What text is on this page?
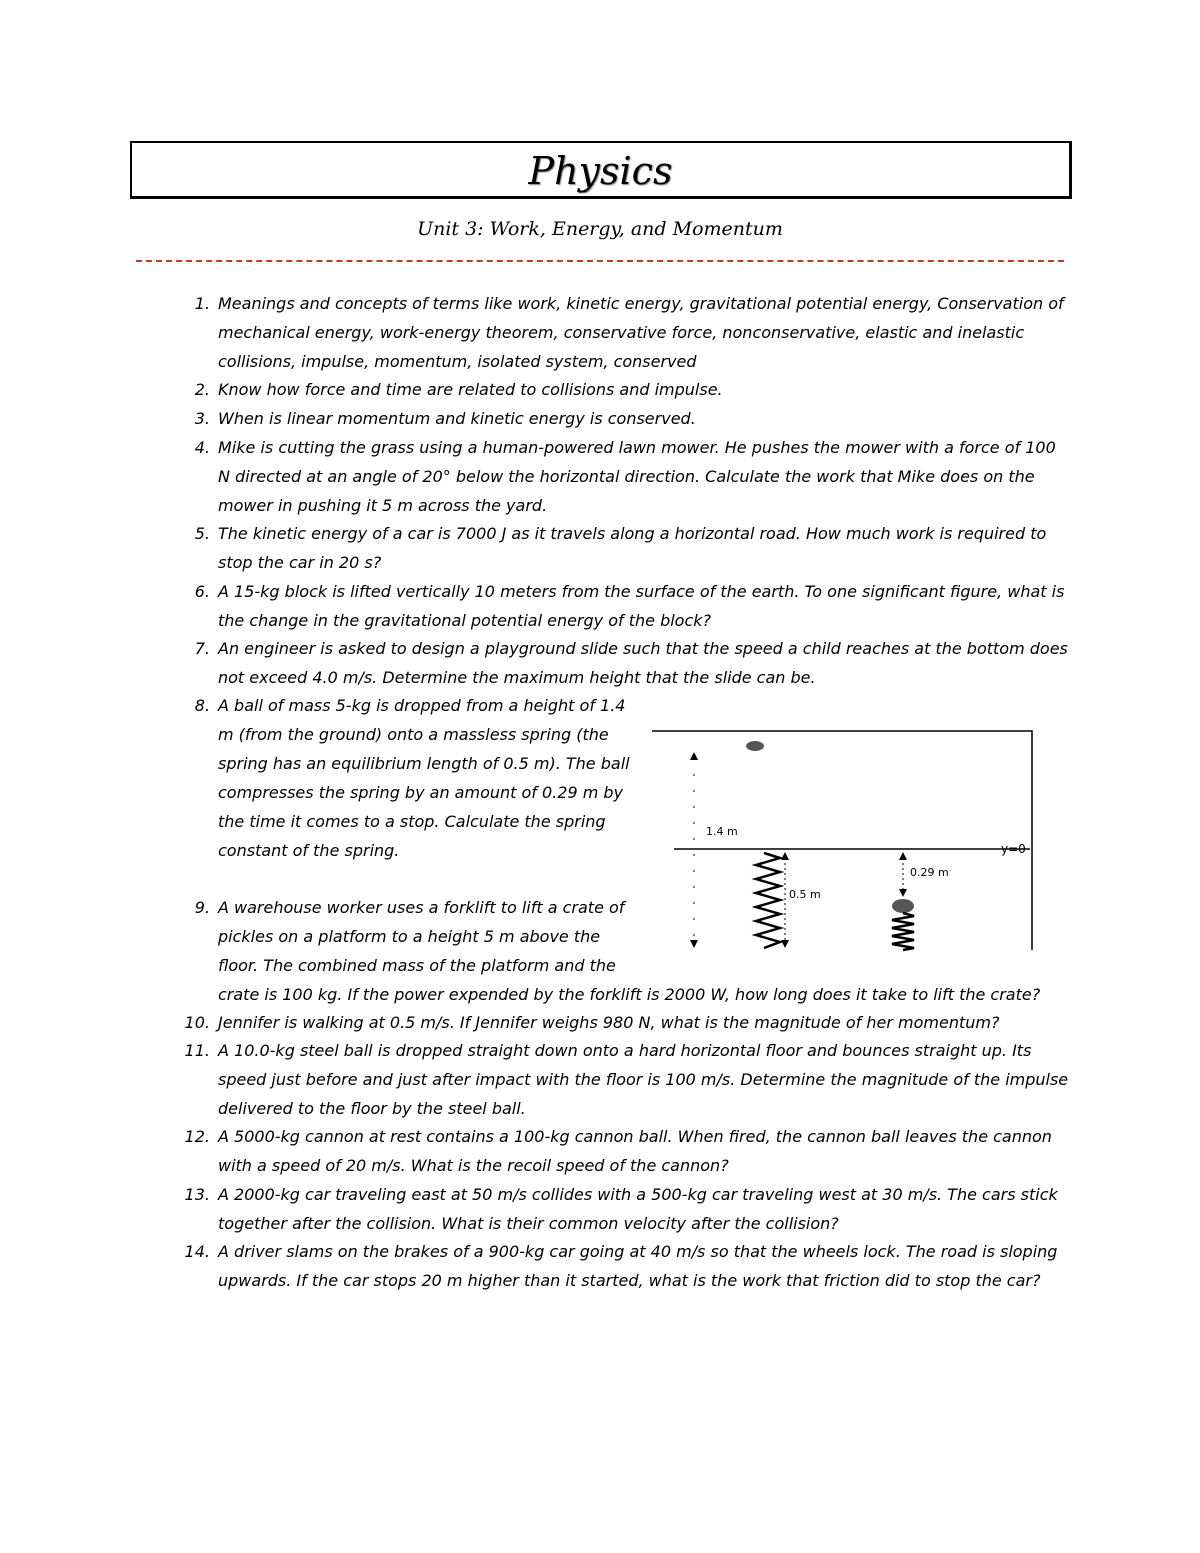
Physics
Unit 3: Work, Energy, and Momentum
1. Meanings and concepts of terms like work, kinetic energy, gravitational potential energy, Conservation of
mechanical energy, work-energy theorem, conservative force, nonconservative, elastic and inelastic
collisions, impulse, momentum, isolated system, conserved
2. Know how force and time are related to collisions and impulse.
3. When is linear momentum and kinetic energy is conserved.
4. Mike is cutting the grass using a human-powered lawn mower. He pushes the mower with a force of 100
N directed at an angle of 20° below the horizontal direction. Calculate the work that Mike does on the
mower in pushing it 5 m across the yard.
5. The kinetic energy of a car is 7000 J as it travels along a horizontal road. How much work is required to
stop the car in 20 s?
6. A 15-kg block is lifted vertically 10 meters from the surface of the earth. To one significant figure, what is
the change in the gravitational potential energy of the block?
7. An engineer is asked to design a playground slide such that the speed a child reaches at the bottom does
not exceed 4.0 m/s. Determine the maximum height that the slide can be.
8. A ball of mass 5-kg is dropped from a height of 1.4
m (from the ground) onto a massless spring (the
spring has an equilibrium length of 0.5 m). The ball
compresses the spring by an amount of 0.29 m by
the time it comes to a stop. Calculate the spring
constant of the spring.
9. A warehouse worker uses a forklift to lift a crate of
pickles on a platform to a height 5 m above the
floor. The combined mass of the platform and the
crate is 100 kg. If the power expended by the forklift is 2000 W, how long does it take to lift the crate?
10. Jennifer is walking at 0.5 m/s. If Jennifer weighs 980 N, what is the magnitude of her momentum?
11. A 10.0-kg steel ball is dropped straight down onto a hard horizontal floor and bounces straight up. Its
speed just before and just after impact with the floor is 100 m/s. Determine the magnitude of the impulse
delivered to the floor by the steel ball.
12. A 5000-kg cannon at rest contains a 100-kg cannon ball. When fired, the cannon ball leaves the cannon
with a speed of 20 m/s. What is the recoil speed of the cannon?
13. A 2000-kg car traveling east at 50 m/s collides with a 500-kg car traveling west at 30 m/s. The cars stick
together after the collision. What is their common velocity after the collision?
14. A driver slams on the brakes of a 900-kg car going at 40 m/s so that the wheels lock. The road is sloping
upwards. If the car stops 20 m higher than it started, what is the work that friction did to stop the car?
y=0
1.4 m
0.5 m
0.29 m
